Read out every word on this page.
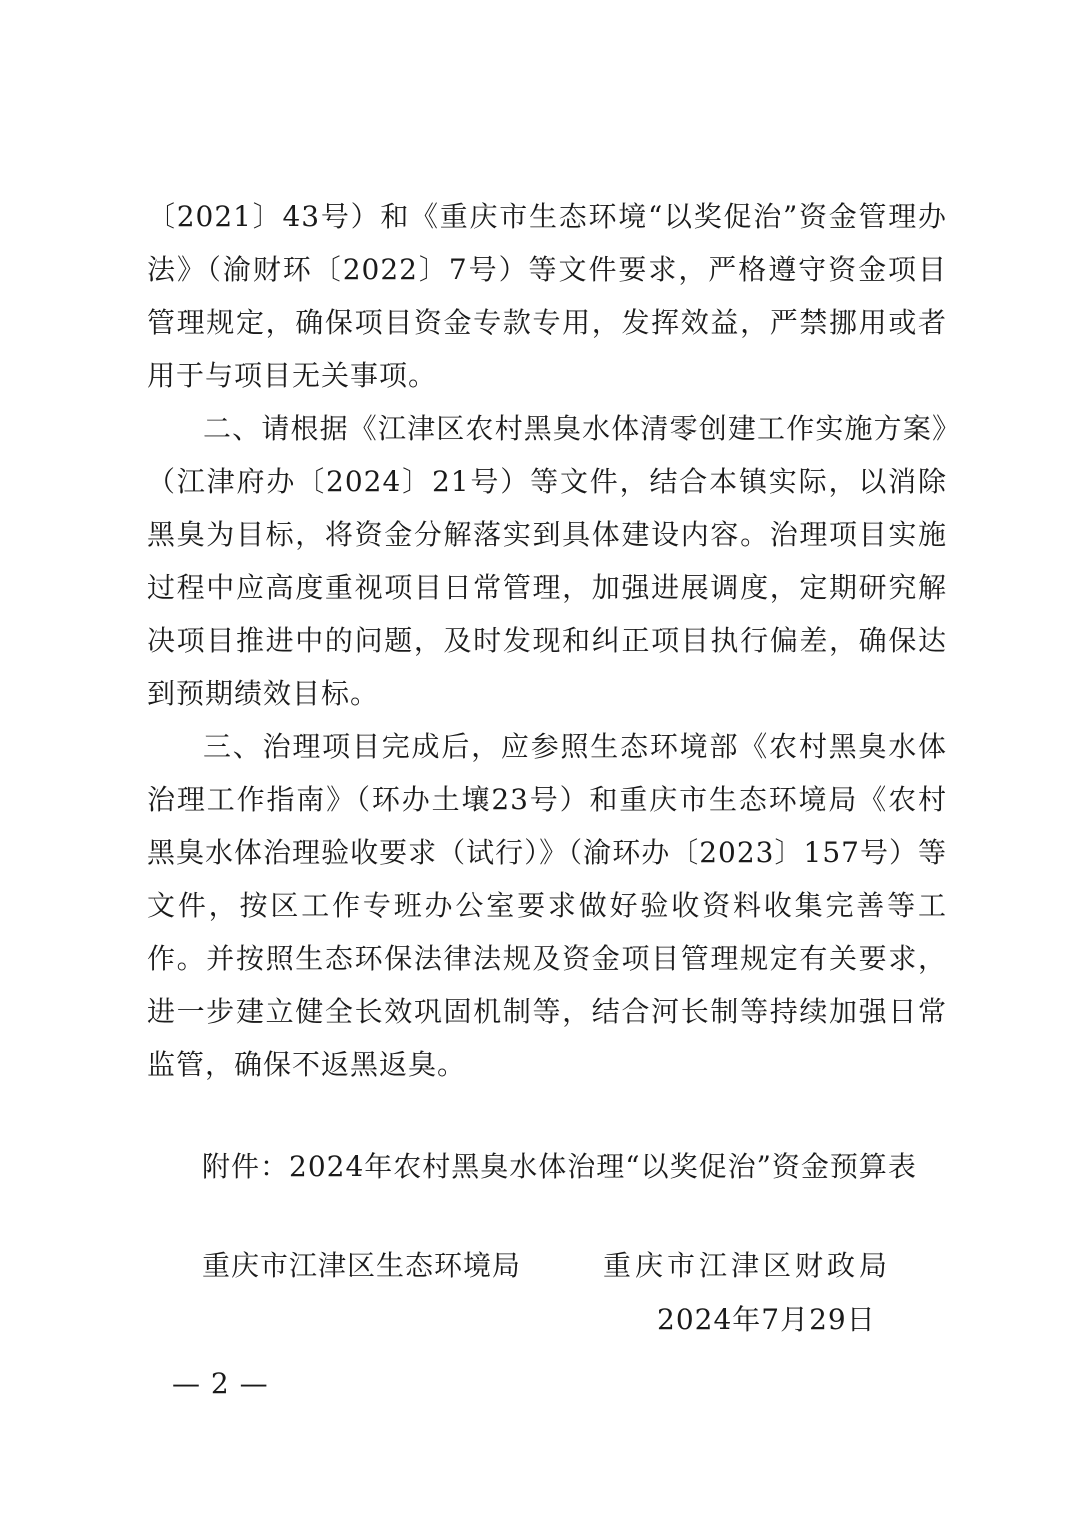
〔2021〕43号）和《重庆市生态环境“以奖促治”资金管理办法》（渝财环〔2022〕7号）等文件要求，严格遵守资金项目管理规定，确保项目资金专款专用，发挥效益，严禁挪用或者用于与项目无关事项。

二、请根据《江津区农村黑臭水体清零创建工作实施方案》（江津府办〔2024〕21号）等文件，结合本镇实际，以消除黑臭为目标，将资金分解落实到具体建设内容。治理项目实施过程中应高度重视项目日常管理，加强进展调度，定期研究解决项目推进中的问题，及时发现和纠正项目执行偏差，确保达到预期绩效目标。

三、治理项目完成后，应参照生态环境部《农村黑臭水体治理工作指南》（环办土壤23号）和重庆市生态环境局《农村黑臭水体治理验收要求（试行）》（渝环办〔2023〕157号）等文件，按区工作专班办公室要求做好验收资料收集完善等工作。并按照生态环保法律法规及资金项目管理规定有关要求，进一步建立健全长效巩固机制等，结合河长制等持续加强日常监管，确保不返黑返臭。

附件：2024年农村黑臭水体治理“以奖促治”资金预算表
重庆市江津区生态环境局	重庆市江津区财政局
2024年7月29日
— 2 —
